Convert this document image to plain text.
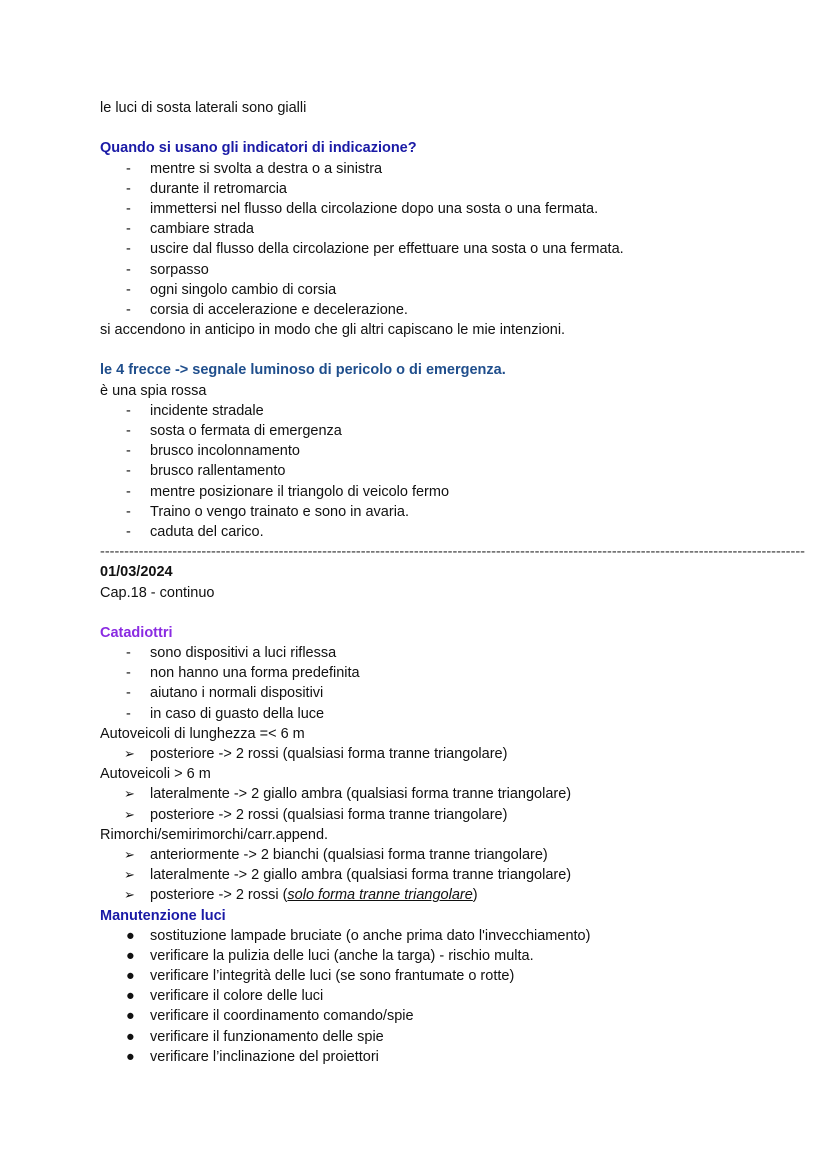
le luci di sosta laterali sono gialli
Quando si usano gli indicatori di indicazione?
-	mentre si svolta a destra o a sinistra
-	durante il retromarcia
-	immettersi nel flusso della circolazione dopo una sosta o una fermata.
-	cambiare strada
-	uscire dal flusso della circolazione per effettuare una sosta o una fermata.
-	sorpasso
-	ogni singolo cambio di corsia
-	corsia di accelerazione e decelerazione.
si accendono in anticipo in modo che gli altri capiscano le mie intenzioni.
le 4 frecce -> segnale luminoso di pericolo o di emergenza.
è una spia rossa
-	incidente stradale
-	sosta o fermata di emergenza
-	brusco incolonnamento
-	brusco rallentamento
-	mentre posizionare il triangolo di veicolo fermo
-	Traino o vengo trainato e sono in avaria.
-	caduta del carico.
--------------------------------------------------------------------------------------------------------------------------------------------------
01/03/2024
Cap.18 - continuo
Catadiottri
-	sono dispositivi a luci riflessa
-	non hanno una forma predefinita
-	aiutano i normali dispositivi
-	in caso di guasto della luce
Autoveicoli di lunghezza =< 6 m
➢	posteriore -> 2 rossi (qualsiasi forma tranne triangolare)
Autoveicoli > 6 m
➢	lateralmente -> 2 giallo ambra (qualsiasi forma tranne triangolare)
➢	posteriore -> 2 rossi (qualsiasi forma tranne triangolare)
Rimorchi/semirimorchi/carr.append.
➢	anteriormente -> 2 bianchi (qualsiasi forma tranne triangolare)
➢	lateralmente -> 2 giallo ambra (qualsiasi forma tranne triangolare)
➢	posteriore -> 2 rossi (solo forma tranne triangolare)
Manutenzione luci
●	sostituzione lampade bruciate (o anche prima dato l'invecchiamento)
●	verificare la pulizia delle luci (anche la targa) - rischio multa.
●	verificare l’integrità delle luci (se sono frantumate o rotte)
●	verificare il colore delle luci
●	verificare il coordinamento comando/spie
●	verificare il funzionamento delle spie
●	verificare l’inclinazione del proiettori
